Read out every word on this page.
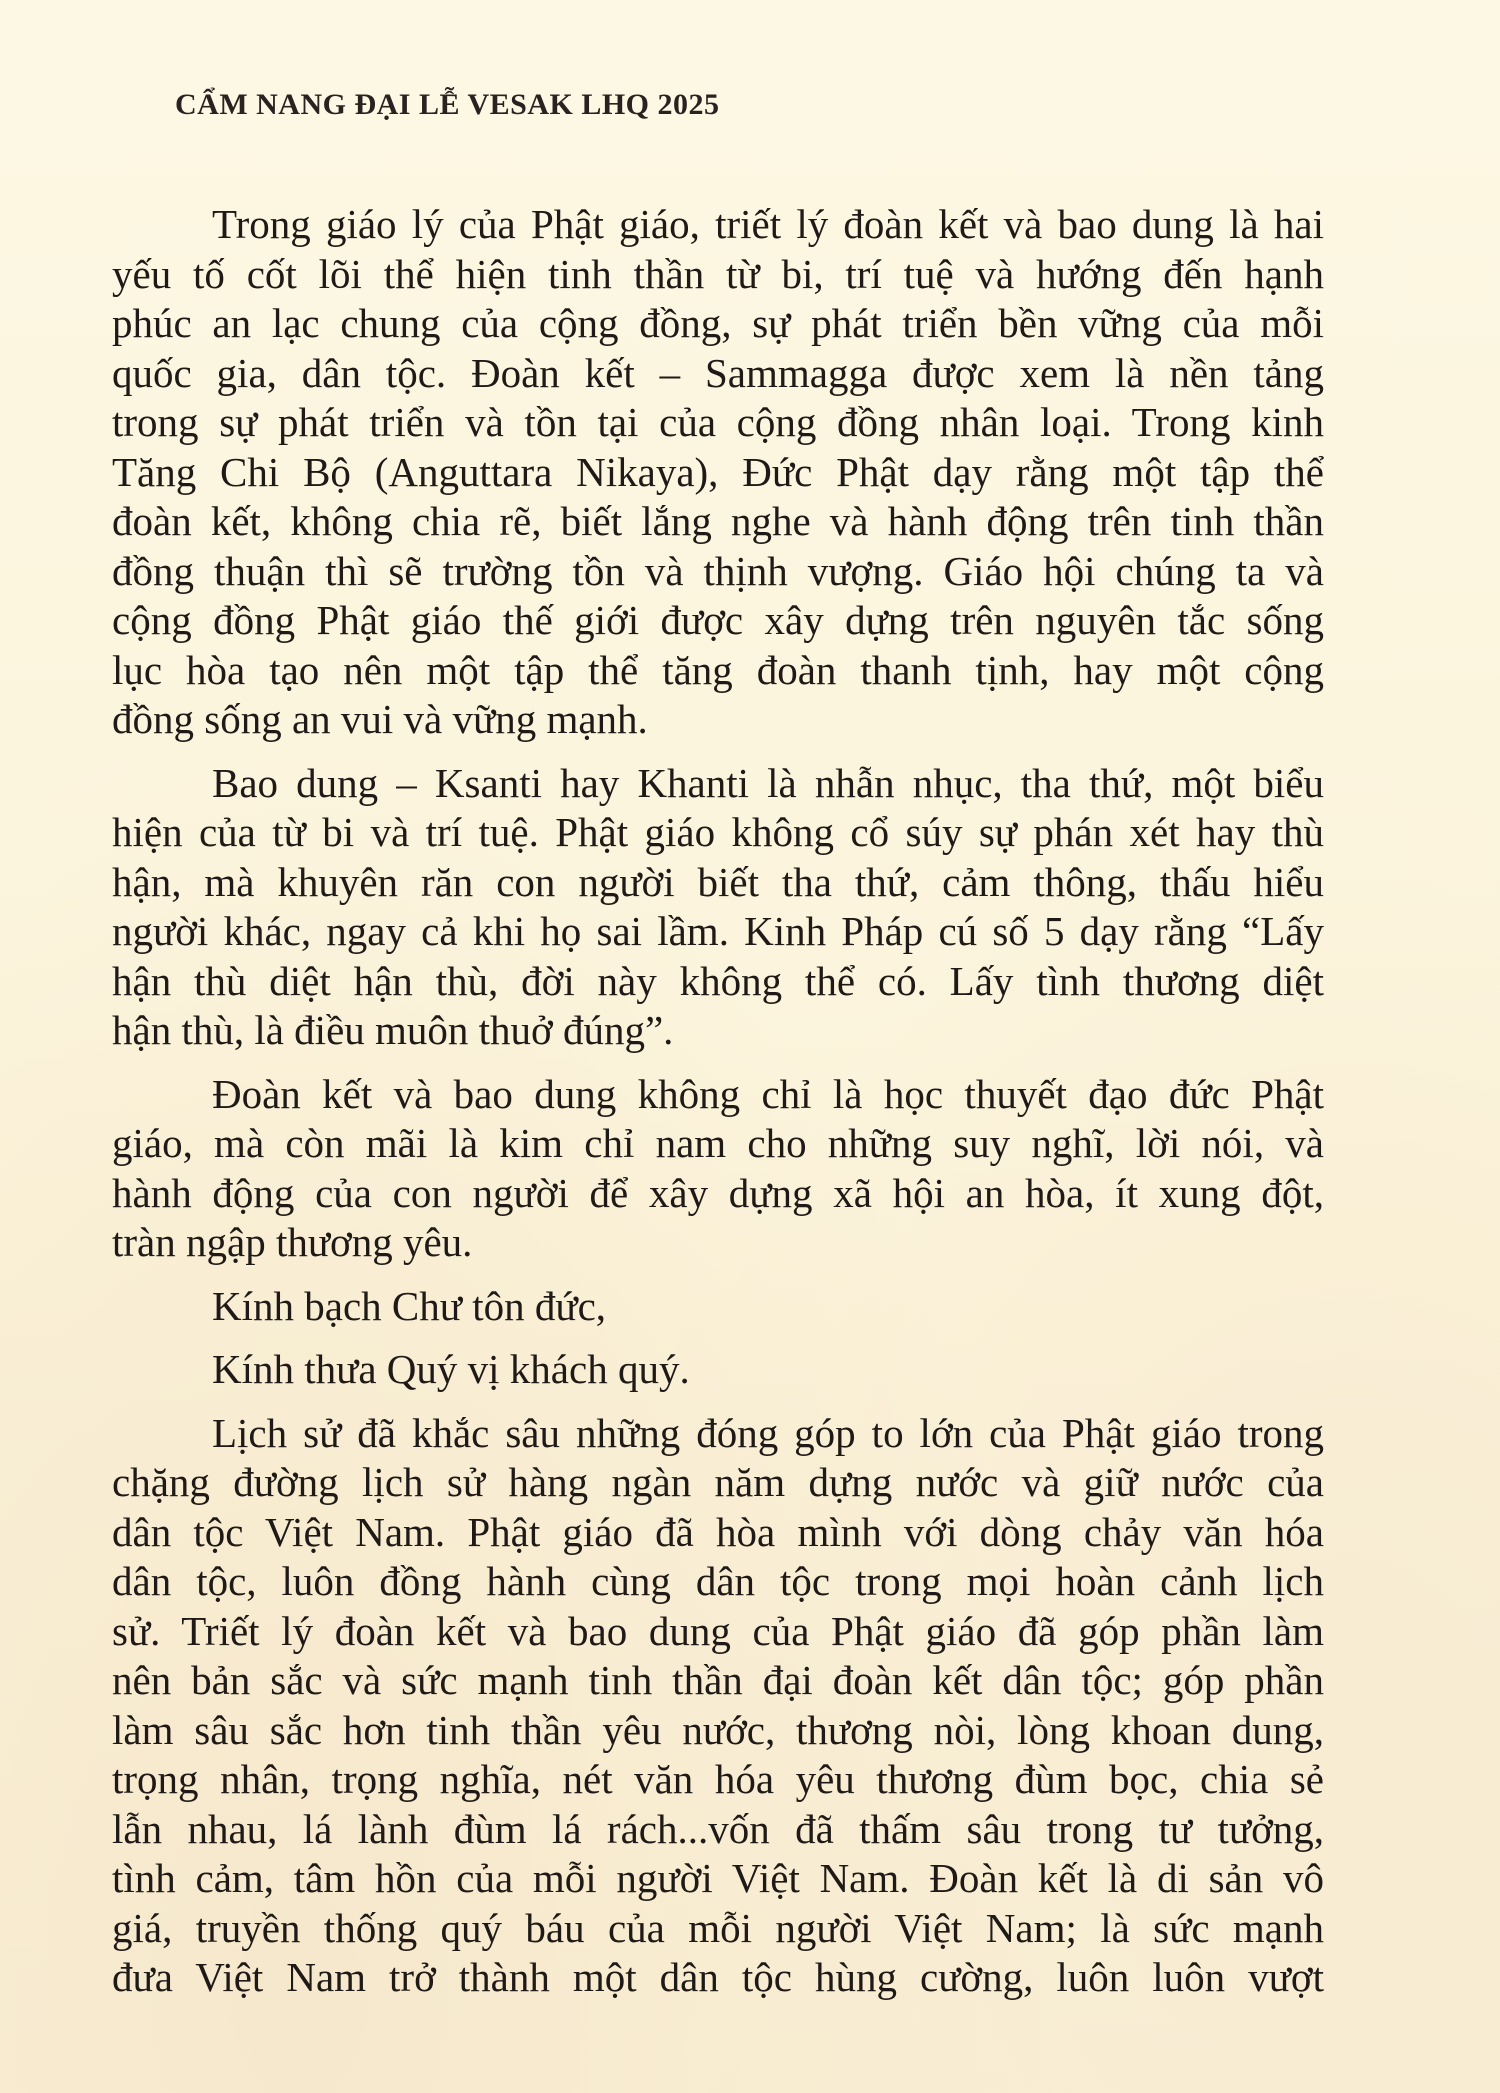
CẨM NANG ĐẠI LỄ VESAK LHQ 2025
Trong giáo lý của Phật giáo, triết lý đoàn kết và bao dung là hai
yếu tố cốt lõi thể hiện tinh thần từ bi, trí tuệ và hướng đến hạnh
phúc an lạc chung của cộng đồng, sự phát triển bền vững của mỗi
quốc gia, dân tộc. Đoàn kết – Sammagga được xem là nền tảng
trong sự phát triển và tồn tại của cộng đồng nhân loại. Trong kinh
Tăng Chi Bộ (Anguttara Nikaya), Đức Phật dạy rằng một tập thể
đoàn kết, không chia rẽ, biết lắng nghe và hành động trên tinh thần
đồng thuận thì sẽ trường tồn và thịnh vượng. Giáo hội chúng ta và
cộng đồng Phật giáo thế giới được xây dựng trên nguyên tắc sống
lục hòa tạo nên một tập thể tăng đoàn thanh tịnh, hay một cộng
đồng sống an vui và vững mạnh.
Bao dung – Ksanti hay Khanti là nhẫn nhục, tha thứ, một biểu
hiện của từ bi và trí tuệ. Phật giáo không cổ súy sự phán xét hay thù
hận, mà khuyên răn con người biết tha thứ, cảm thông, thấu hiểu
người khác, ngay cả khi họ sai lầm. Kinh Pháp cú số 5 dạy rằng “Lấy
hận thù diệt hận thù, đời này không thể có. Lấy tình thương diệt
hận thù, là điều muôn thuở đúng”.
Đoàn kết và bao dung không chỉ là học thuyết đạo đức Phật
giáo, mà còn mãi là kim chỉ nam cho những suy nghĩ, lời nói, và
hành động của con người để xây dựng xã hội an hòa, ít xung đột,
tràn ngập thương yêu.
Kính bạch Chư tôn đức,
Kính thưa Quý vị khách quý.
Lịch sử đã khắc sâu những đóng góp to lớn của Phật giáo trong
chặng đường lịch sử hàng ngàn năm dựng nước và giữ nước của
dân tộc Việt Nam. Phật giáo đã hòa mình với dòng chảy văn hóa
dân tộc, luôn đồng hành cùng dân tộc trong mọi hoàn cảnh lịch
sử. Triết lý đoàn kết và bao dung của Phật giáo đã góp phần làm
nên bản sắc và sức mạnh tinh thần đại đoàn kết dân tộc; góp phần
làm sâu sắc hơn tinh thần yêu nước, thương nòi, lòng khoan dung,
trọng nhân, trọng nghĩa, nét văn hóa yêu thương đùm bọc, chia sẻ
lẫn nhau, lá lành đùm lá rách...vốn đã thấm sâu trong tư tưởng,
tình cảm, tâm hồn của mỗi người Việt Nam. Đoàn kết là di sản vô
giá, truyền thống quý báu của mỗi người Việt Nam; là sức mạnh
đưa Việt Nam trở thành một dân tộc hùng cường, luôn luôn vượt
